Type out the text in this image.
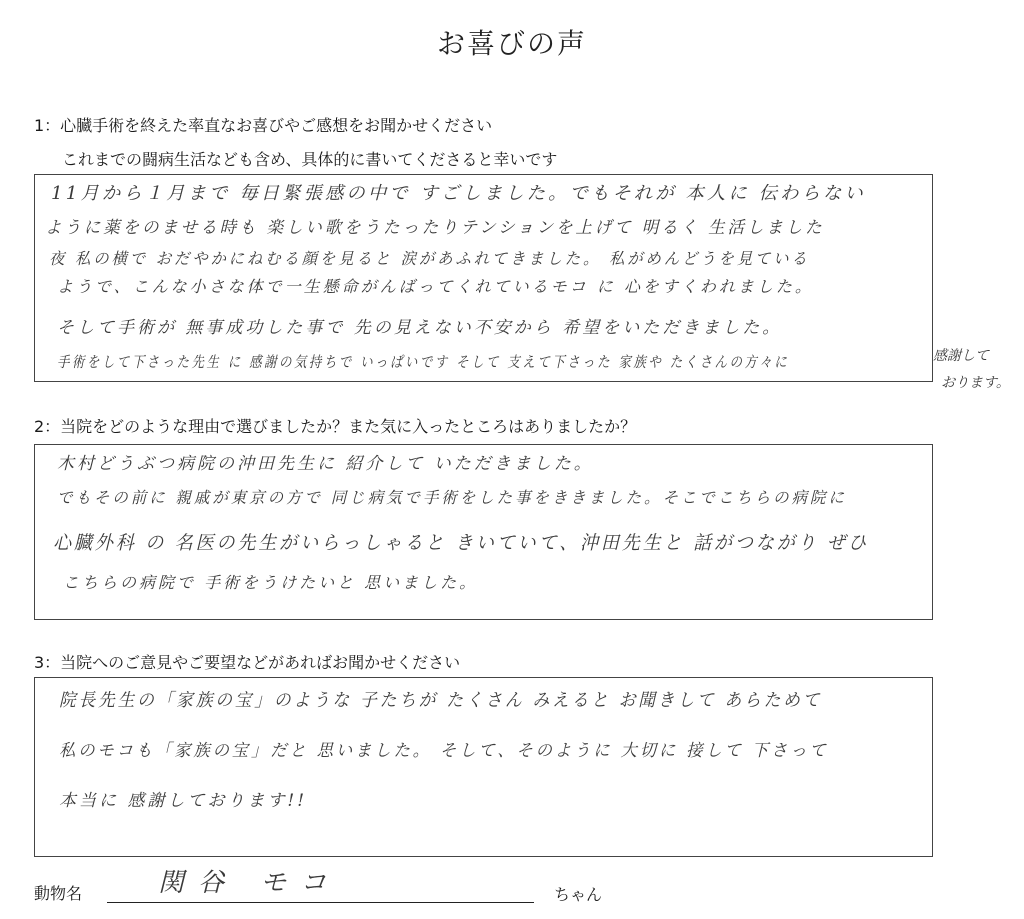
お喜びの声
1：心臓手術を終えた率直なお喜びやご感想をお聞かせください
これまでの闘病生活なども含め、具体的に書いてくださると幸いです
11月から１月まで 毎日緊張感の中で すごしました。でもそれが 本人に 伝わらない
ように薬をのませる時も 楽しい歌をうたったりテンションを上げて 明るく 生活しました
夜 私の横で おだやかにねむる顔を見ると 涙があふれてきました。 私がめんどうを見ている
ようで、こんな小さな体で一生懸命がんばってくれているモコ に 心をすくわれました。
そして手術が 無事成功した事で 先の見えない不安から 希望をいただきました。
手術をして下さった先生 に 感謝の気持ちで いっぱいです そして 支えて下さった 家族や たくさんの方々に	感謝して
おります。
2：当院をどのような理由で選びましたか？また気に入ったところはありましたか？
木村どうぶつ病院の沖田先生に 紹介して いただきました。
でもその前に 親戚が東京の方で 同じ病気で手術をした事をききました。そこでこちらの病院に
心臓外科 の 名医の先生がいらっしゃると きいていて、沖田先生と 話がつながり ぜひ
こちらの病院で 手術をうけたいと 思いました。
3：当院へのご意見やご要望などがあればお聞かせください
院長先生の「家族の宝」のような 子たちが たくさん みえると お聞きして あらためて
私のモコも「家族の宝」だと 思いました。 そして、そのように 大切に 接して 下さって
本当に 感謝しております!!
動物名	関谷 モコ	ちゃん
